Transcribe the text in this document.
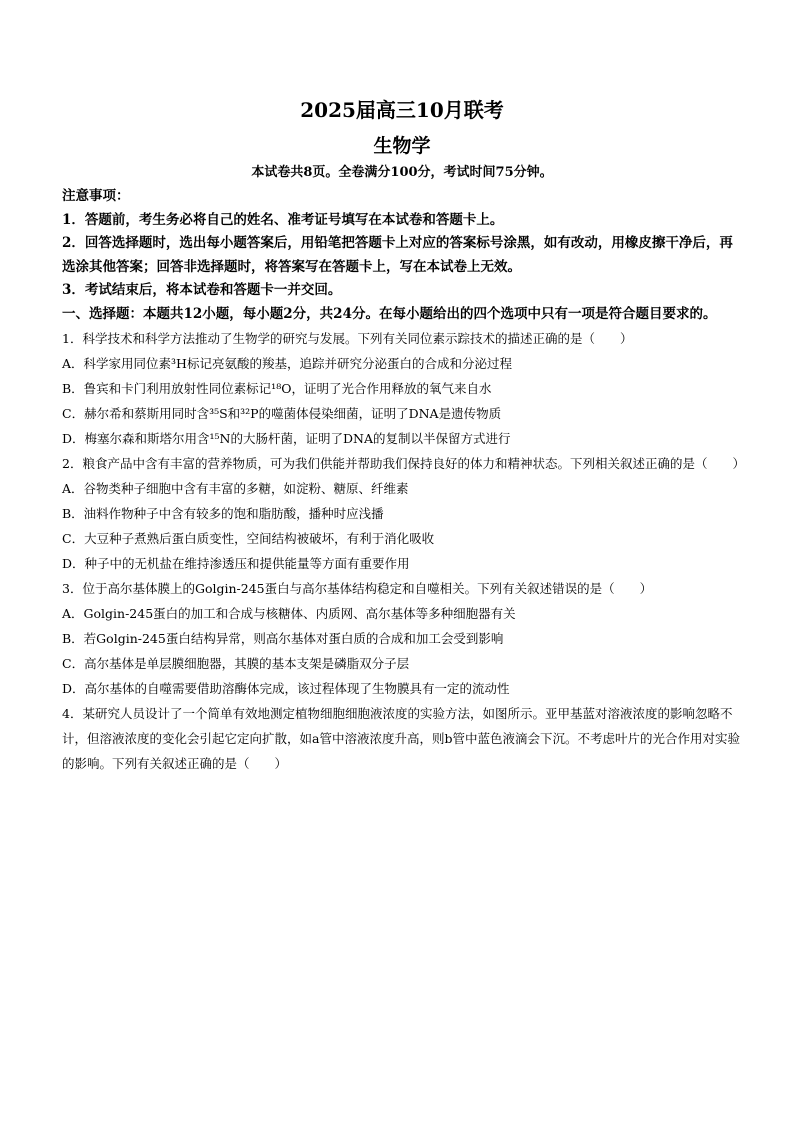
2025届高三10月联考
生物学
本试卷共8页。全卷满分100分，考试时间75分钟。
注意事项：
1．答题前，考生务必将自己的姓名、准考证号填写在本试卷和答题卡上。
2．回答选择题时，选出每小题答案后，用铅笔把答题卡上对应的答案标号涂黑，如有改动，用橡皮擦干净后，再选涂其他答案；回答非选择题时，将答案写在答题卡上，写在本试卷上无效。
3．考试结束后，将本试卷和答题卡一并交回。
一、选择题：本题共12小题，每小题2分，共24分。在每小题给出的四个选项中只有一项是符合题目要求的。
1．科学技术和科学方法推动了生物学的研究与发展。下列有关同位素示踪技术的描述正确的是（　　）
A．科学家用同位素³H标记亮氨酸的羧基，追踪并研究分泌蛋白的合成和分泌过程
B．鲁宾和卡门利用放射性同位素标记¹⁸O，证明了光合作用释放的氧气来自水
C．赫尔希和蔡斯用同时含³⁵S和³²P的噬菌体侵染细菌，证明了DNA是遗传物质
D．梅塞尔森和斯塔尔用含¹⁵N的大肠杆菌，证明了DNA的复制以半保留方式进行
2．粮食产品中含有丰富的营养物质，可为我们供能并帮助我们保持良好的体力和精神状态。下列相关叙述正确的是（　　）
A．谷物类种子细胞中含有丰富的多糖，如淀粉、糖原、纤维素
B．油料作物种子中含有较多的饱和脂肪酸，播种时应浅播
C．大豆种子煮熟后蛋白质变性，空间结构被破坏，有利于消化吸收
D．种子中的无机盐在维持渗透压和提供能量等方面有重要作用
3．位于高尔基体膜上的Golgin-245蛋白与高尔基体结构稳定和自噬相关。下列有关叙述错误的是（　　）
A．Golgin-245蛋白的加工和合成与核糖体、内质网、高尔基体等多种细胞器有关
B．若Golgin-245蛋白结构异常，则高尔基体对蛋白质的合成和加工会受到影响
C．高尔基体是单层膜细胞器，其膜的基本支架是磷脂双分子层
D．高尔基体的自噬需要借助溶酶体完成，该过程体现了生物膜具有一定的流动性
4．某研究人员设计了一个简单有效地测定植物细胞细胞液浓度的实验方法，如图所示。亚甲基蓝对溶液浓度的影响忽略不计，但溶液浓度的变化会引起它定向扩散，如a管中溶液浓度升高，则b管中蓝色液滴会下沉。不考虑叶片的光合作用对实验的影响。下列有关叙述正确的是（　　）
